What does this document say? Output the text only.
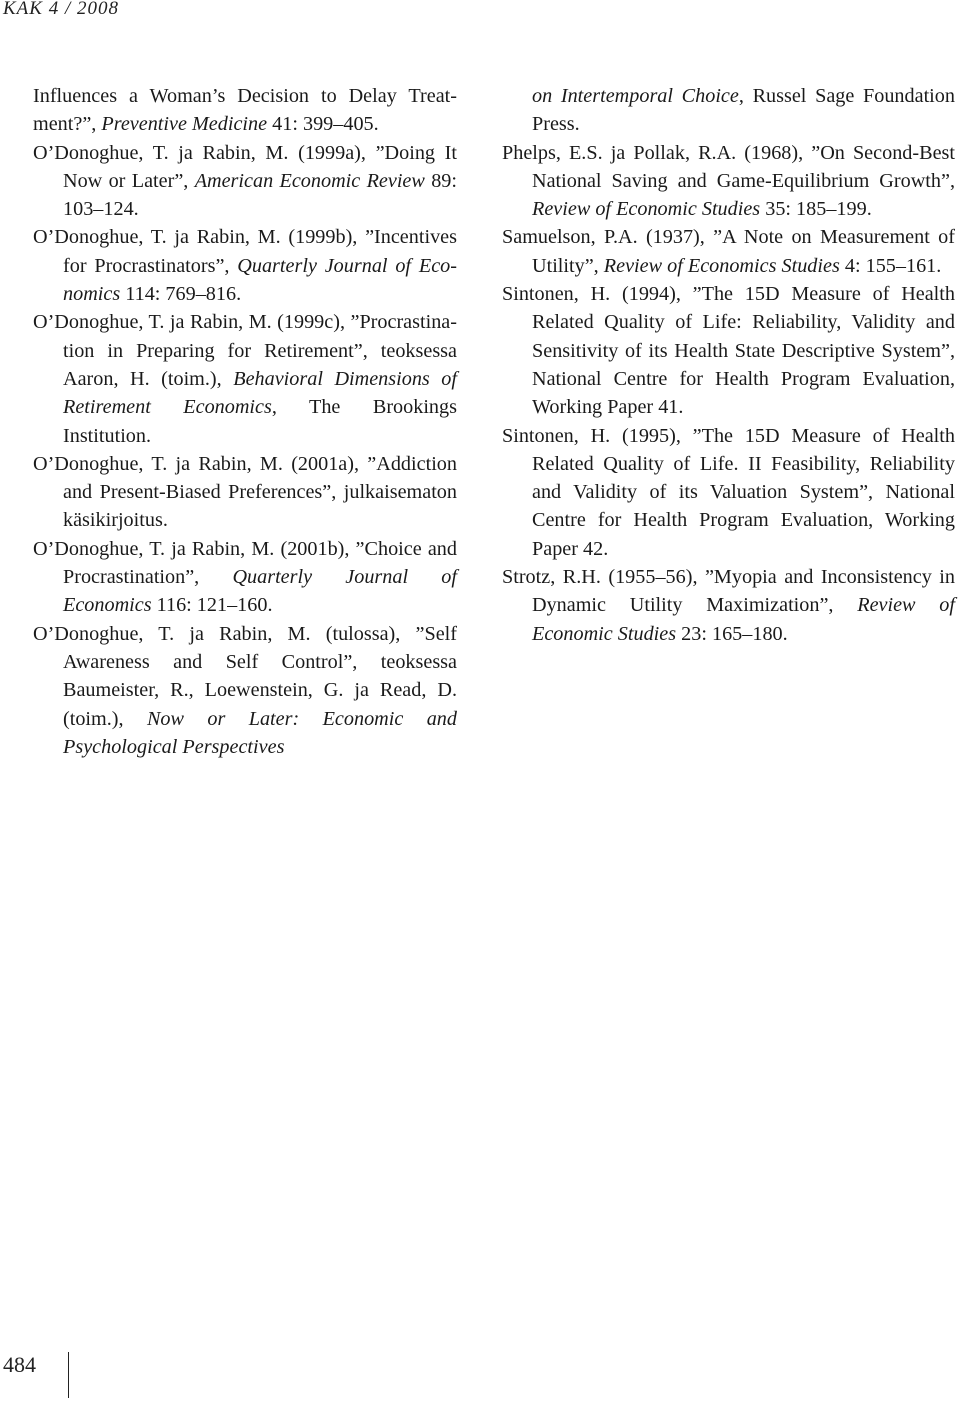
KAK 4 / 2008

Influences a Woman’s Decision to Delay Treatment?”, Preventive Medicine 41: 399–405.

O’Donoghue, T. ja Rabin, M. (1999a), ”Doing It Now or Later”, American Economic Review 89: 103–124.

O’Donoghue, T. ja Rabin, M. (1999b), ”Incentives for Procrastinators”, Quarterly Journal of Economics 114: 769–816.

O’Donoghue, T. ja Rabin, M. (1999c), ”Procrastination in Preparing for Retirement”, teoksessa Aaron, H. (toim.), Behavioral Dimensions of Retirement Economics, The Brookings Institution.

O’Donoghue, T. ja Rabin, M. (2001a), ”Addiction and Present-Biased Preferences”, julkaisematon käsikirjoitus.

O’Donoghue, T. ja Rabin, M. (2001b), ”Choice and Procrastination”, Quarterly Journal of Economics 116: 121–160.

O’Donoghue, T. ja Rabin, M. (tulossa), ”Self Awareness and Self Control”, teoksessa Baumeister, R., Loewenstein, G. ja Read, D. (toim.), Now or Later: Economic and Psychological Perspectives

on Intertemporal Choice, Russel Sage Foundation Press.

Phelps, E.S. ja Pollak, R.A. (1968), ”On Second-Best National Saving and Game-Equilibrium Growth”, Review of Economic Studies 35: 185–199.

Samuelson, P.A. (1937), ”A Note on Measurement of Utility”, Review of Economics Studies 4: 155–161.

Sintonen, H. (1994), ”The 15D Measure of Health Related Quality of Life: Reliability, Validity and Sensitivity of its Health State Descriptive System”, National Centre for Health Program Evaluation, Working Paper 41.

Sintonen, H. (1995), ”The 15D Measure of Health Related Quality of Life. II Feasibility, Reliability and Validity of its Valuation System”, National Centre for Health Program Evaluation, Working Paper 42.

Strotz, R.H. (1955–56), ”Myopia and Inconsistency in Dynamic Utility Maximization”, Review of Economic Studies 23: 165–180.

484
